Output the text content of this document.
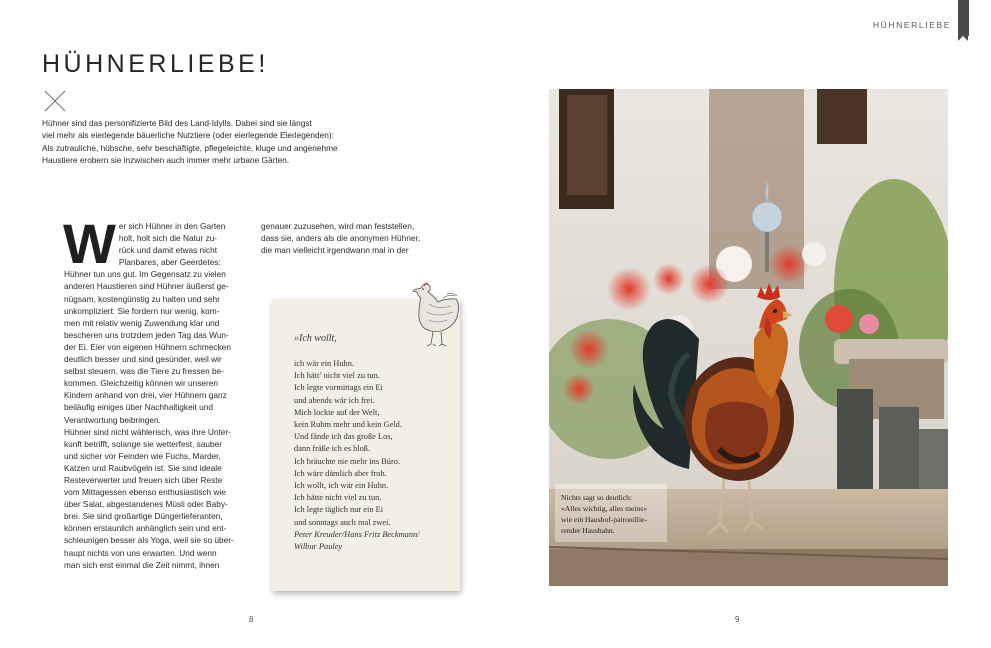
HÜHNERLIEBE
HÜHNERLIEBE!

Hühner sind das personifizierte Bild des Land-Idylls. Dabei sind sie längst
viel mehr als eierlegende bäuerliche Nutztiere (oder eierlegende Eierlegenden):
Als zutrauliche, hübsche, sehr beschäftigte, pflegeleichte, kluge und angenehme
Haustiere erobern sie inzwischen auch immer mehr urbane Gärten.

W er sich Hühner in den Garten
holt, holt sich die Natur zu-
rück und damit etwas nicht
Planbares, aber Geerdetes:
Hühner tun uns gut. Im Gegensatz zu vielen
anderen Haustieren sind Hühner äußerst ge-
nügsam, kostengünstig zu halten und sehr
unkompliziert. Sie fordern nur wenig, kom-
men mit relativ wenig Zuwendung klar und
bescheren uns trotzdem jeden Tag das Wun-
der Ei. Eier von eigenen Hühnern schmecken
deutlich besser und sind gesünder, weil wir
selbst steuern, was die Tiere zu fressen be-
kommen. Gleichzeitig können wir unseren
Kindern anhand von drei, vier Hühnern ganz
beiläufig einiges über Nachhaltigkeit und
Verantwortung beibringen.
Hühner sind nicht wählerisch, was ihre Unter-
kunft betrifft, solange sie wetterfest, sauber
und sicher vor Feinden wie Fuchs, Marder,
Katzen und Raubvögeln ist. Sie sind ideale
Resteverwerter und freuen sich über Reste
vom Mittagessen ebenso enthusiastisch wie
über Salat, abgestandenes Müsli oder Baby-
brei. Sie sind großartige Düngerlieferanten,
können erstaunlich anhänglich sein und ent-
schleunigen besser als Yoga, weil sie so über-
haupt nichts von uns erwarten. Und wenn
man sich erst einmal die Zeit nimmt, ihnen
genauer zuzusehen, wird man feststellen,
dass sie, anders als die anonymen Hühner,
die man vielleicht irgendwann mal in der
»Ich wollt,
ich wär ein Huhn.
Ich hätt’ nicht viel zu tun.
Ich legte vormittags ein Ei
und abends wär ich frei.
Mich lockte auf der Welt,
kein Ruhm mehr und kein Geld.
Und fände ich das große Los,
dann fräße ich es bloß.
Ich bräuchte nie mehr ins Büro.
Ich wäre dämlich aber froh.
Ich wollt, ich wär ein Huhn.
Ich hätte nicht viel zu tun.
Ich legte täglich nur ein Ei
und sonntags auch mal zwei.
Peter Kreuder/Hans Fritz Beckmann/
Wilbur Pauley
Nichts sagt so deutlich:
»Alles wichtig, alles meins«
wie ein Haushof-patrouillie-
render Haushahn.
8	9
